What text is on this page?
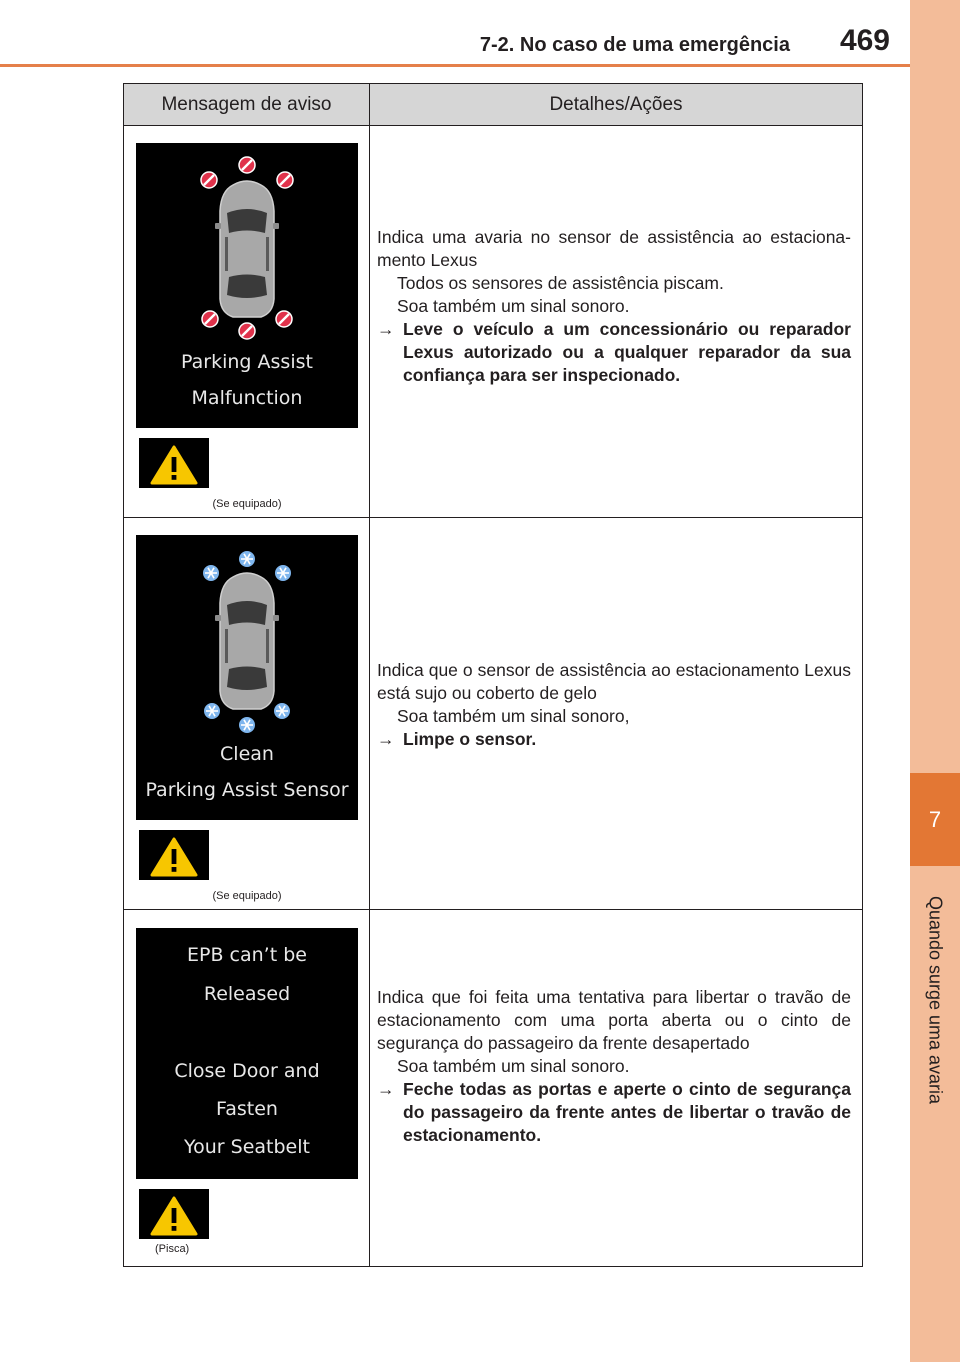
7-2. No caso de uma emergência 469
7
Quando surge uma avaria
Mensagem de aviso	Detalhes/Ações
Parking Assist
Malfunction
(Se equipado)
Indica uma avaria no sensor de assistência ao estaciona-mento Lexus
Todos os sensores de assistência piscam.
Soa também um sinal sonoro.
→ Leve o veículo a um concessionário ou reparador Lexus autorizado ou a qualquer reparador da sua confiança para ser inspecionado.
Clean
Parking Assist Sensor
(Se equipado)
Indica que o sensor de assistência ao estacionamento Lexus está sujo ou coberto de gelo
Soa também um sinal sonoro,
→ Limpe o sensor.
EPB can’t be
Released
Close Door and
Fasten
Your Seatbelt
(Pisca)
Indica que foi feita uma tentativa para libertar o travão de estacionamento com uma porta aberta ou o cinto de segurança do passageiro da frente desapertado
Soa também um sinal sonoro.
→ Feche todas as portas e aperte o cinto de segurança do passageiro da frente antes de libertar o travão de estacionamento.
